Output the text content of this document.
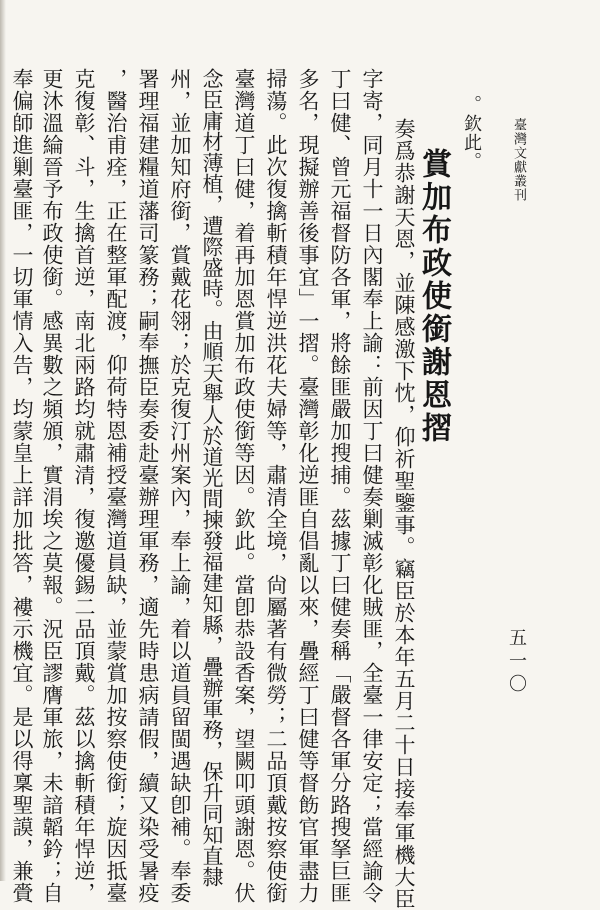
臺灣文獻叢刊
五一〇
。欽此。
賞加布政使銜謝恩摺
奏爲恭謝天恩，並陳感激下忱，仰祈聖鑒事。竊臣於本年五月二十日接奉軍機大臣
字寄，同月十一日內閣奉上諭：前因丁曰健奏剿滅彰化賊匪，全臺一律安定；當經諭令
丁曰健、曾元福督防各軍，將餘匪嚴加搜捕。茲據丁曰健奏稱「嚴督各軍分路搜拏巨匪
多名，現擬辦善後事宜」一摺。臺灣彰化逆匪自倡亂以來，疊經丁曰健等督飭官軍盡力
掃蕩。此次復擒斬積年悍逆洪花夫婦等，肅清全境，尙屬著有微勞；二品頂戴按察使銜
臺灣道丁曰健，着再加恩賞加布政使銜等因。欽此。當卽恭設香案，望闕叩頭謝恩。伏
念臣庸材薄植，遭際盛時。由順天舉人於道光間揀發福建知縣，疊辦軍務，保升同知直隸
州，並加知府銜，賞戴花翎；於克復汀州案內，奉上諭，着以道員留閩遇缺卽補。奉委
署理福建糧道藩司篆務；嗣奉撫臣奏委赴臺辦理軍務，適先時患病請假，續又染受暑疫
，醫治甫痊，正在整軍配渡，仰荷特恩補授臺灣道員缺，並蒙賞加按察使銜；旋因抵臺
克復彰、斗，生擒首逆，南北兩路均就肅清，復邀優錫二品頂戴。茲以擒斬積年悍逆，
更沐溫綸晉予布政使銜。感異數之頻頒，實涓埃之莫報。況臣謬膺軍旅，未諳韜鈐；自
奉偏師進剿臺匪，一切軍情入告，均蒙皇上詳加批答，褸示機宜。是以得稟聖謨，兼賫
